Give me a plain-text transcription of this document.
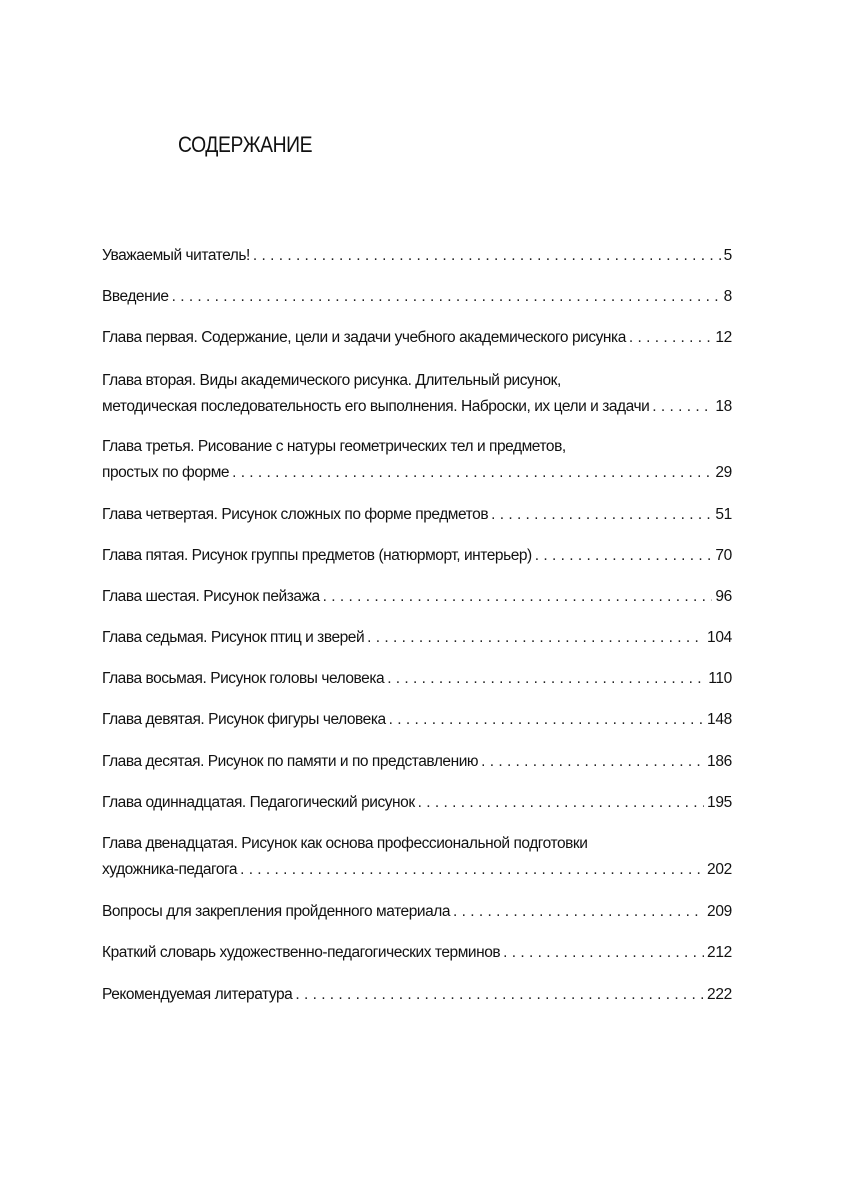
СОДЕРЖАНИЕ
Уважаемый читатель! . . .	5
Введение . . .	8
Глава первая. Содержание, цели и задачи учебного академического рисунка . . .	12
Глава вторая. Виды академического рисунка. Длительный рисунок,
методическая последовательность его выполнения. Наброски, их цели и задачи . . .	18
Глава третья. Рисование с натуры геометрических тел и предметов,
простых по форме . . .	29
Глава четвертая. Рисунок сложных по форме предметов . . .	51
Глава пятая. Рисунок группы предметов (натюрморт, интерьер) . . .	70
Глава шестая. Рисунок пейзажа . . .	96
Глава седьмая. Рисунок птиц и зверей . . .	104
Глава восьмая. Рисунок головы человека . . .	110
Глава девятая. Рисунок фигуры человека . . .	148
Глава десятая. Рисунок по памяти и по представлению . . .	186
Глава одиннадцатая. Педагогический рисунок . . .	195
Глава двенадцатая. Рисунок как основа профессиональной подготовки
художника-педагога . . .	202
Вопросы для закрепления пройденного материала . . .	209
Краткий словарь художественно-педагогических терминов . . .	212
Рекомендуемая литература . . .	222
